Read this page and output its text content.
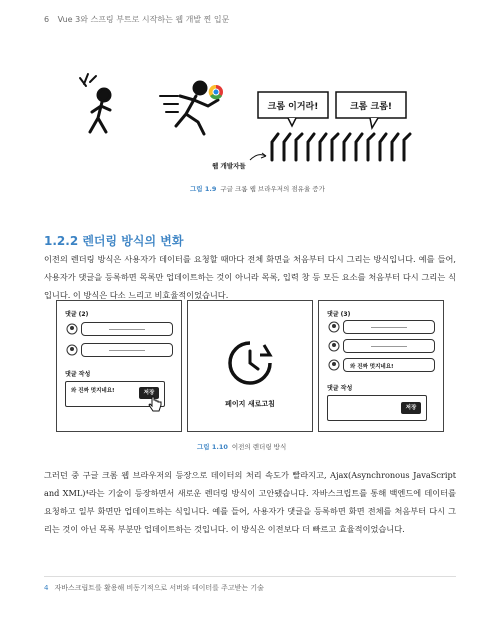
6 Vue 3와 스프링 부트로 시작하는 웹 개발 찐 입문
크롬 이거라!	크롬 크롬!
웹 개발자들
그림 1.9 구글 크롬 웹 브라우저의 점유율 증가
1.2.2 렌더링 방식의 변화
이전의 렌더링 방식은 사용자가 데이터를 요청할 때마다 전체 화면을 처음부터 다시 그리는 방식입니다. 예를 들어, 사용자가 댓글을 등록하면 목록만 업데이트하는 것이 아니라 목록, 입력 창 등 모든 요소를 처음부터 다시 그리는 식입니다. 이 방식은 다소 느리고 비효율적이었습니다.
댓글 (2)
댓글 작성
와 진짜 멋지네요!	저장
페이지 새로고침
댓글 (3)
와 진짜 멋지네요!
댓글 작성
저장
그림 1.10 이전의 렌더링 방식
그러던 중 구글 크롬 웹 브라우저의 등장으로 데이터의 처리 속도가 빨라지고, Ajax(Asynchronous JavaScript and XML)⁴라는 기술이 등장하면서 새로운 렌더링 방식이 고안됐습니다. 자바스크립트를 통해 백엔드에 데이터를 요청하고 일부 화면만 업데이트하는 식입니다. 예를 들어, 사용자가 댓글을 등록하면 화면 전체를 처음부터 다시 그리는 것이 아닌 목록 부분만 업데이트하는 것입니다. 이 방식은 이전보다 더 빠르고 효율적이었습니다.
4 자바스크립트를 활용해 비동기적으로 서버와 데이터를 주고받는 기술
